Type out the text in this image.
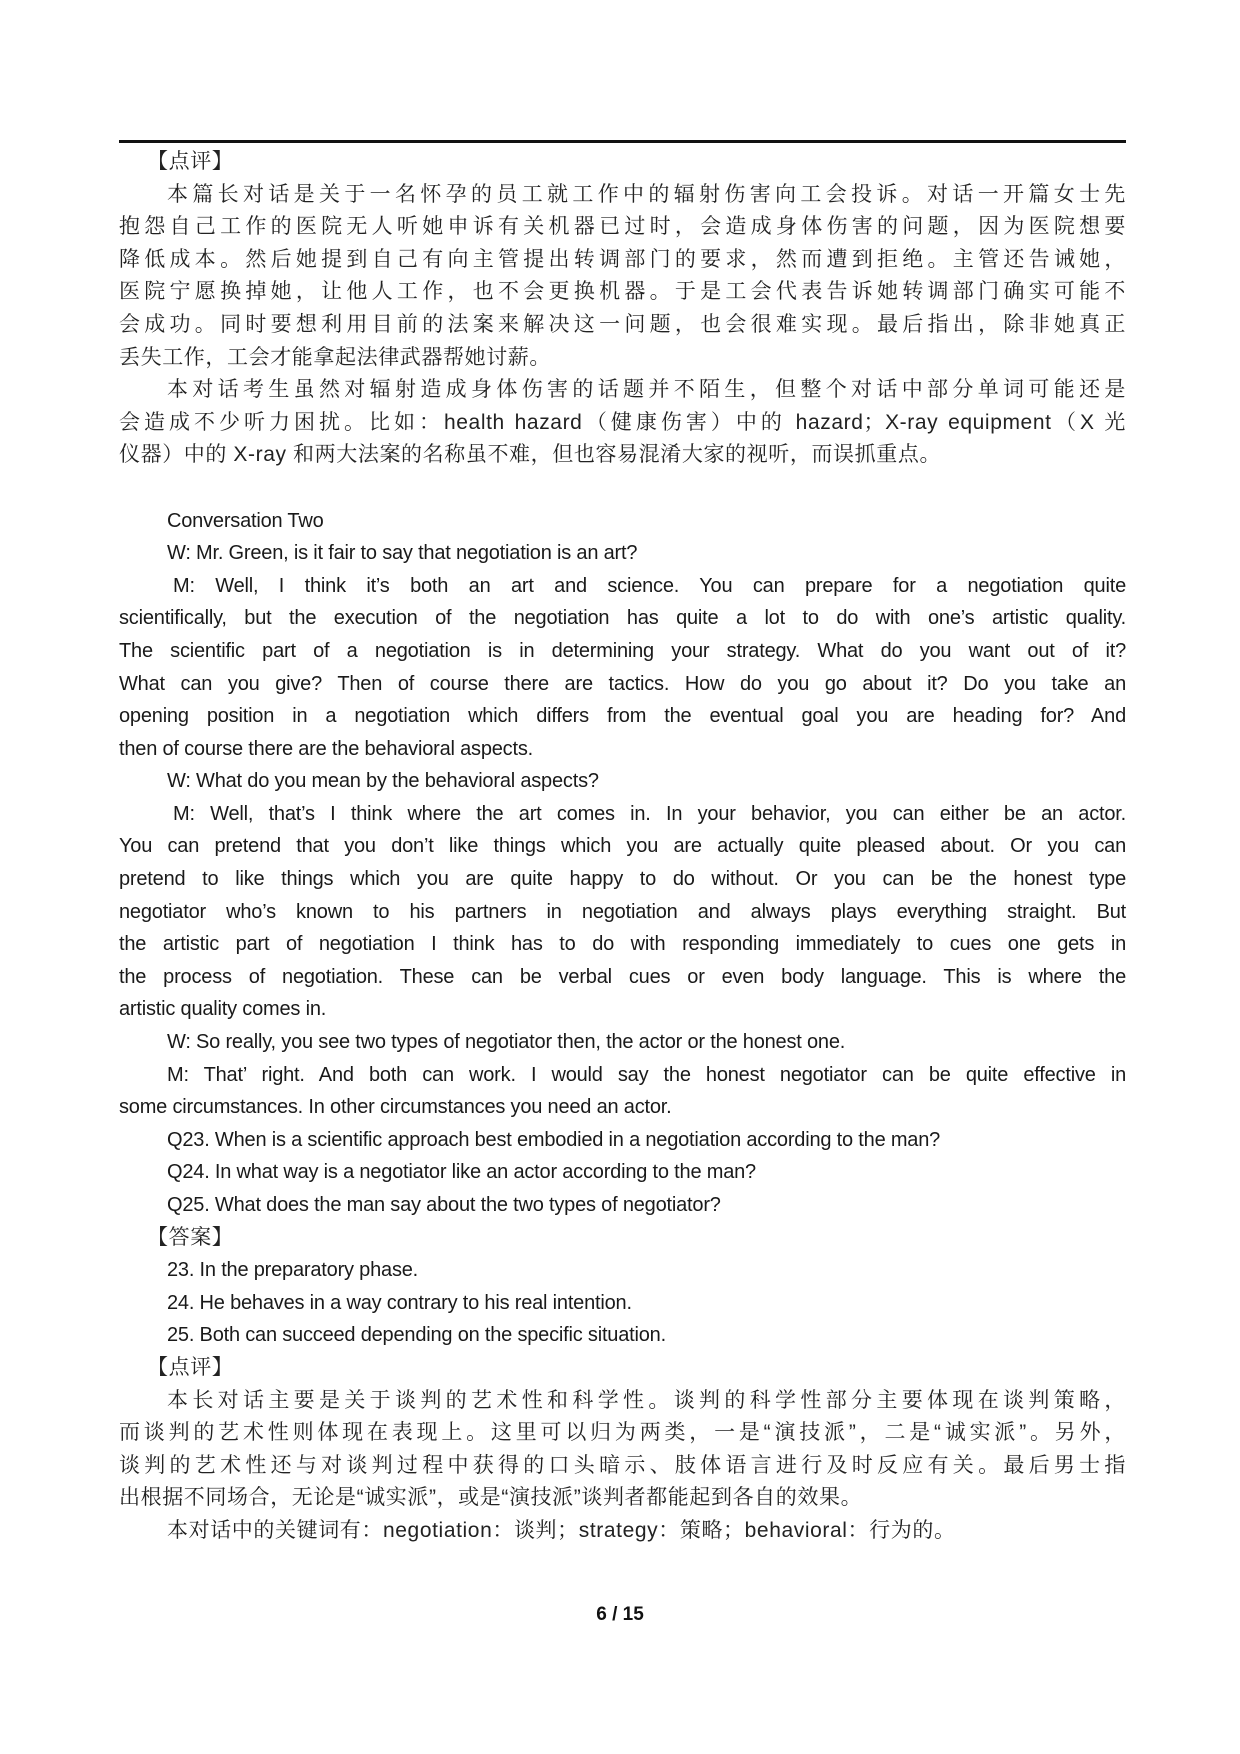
【点评】
本篇长对话是关于一名怀孕的员工就工作中的辐射伤害向工会投诉。对话一开篇女士先
抱怨自己工作的医院无人听她申诉有关机器已过时，会造成身体伤害的问题，因为医院想要
降低成本。然后她提到自己有向主管提出转调部门的要求，然而遭到拒绝。主管还告诫她，
医院宁愿换掉她，让他人工作，也不会更换机器。于是工会代表告诉她转调部门确实可能不
会成功。同时要想利用目前的法案来解决这一问题，也会很难实现。最后指出，除非她真正
丢失工作，工会才能拿起法律武器帮她讨薪。
本对话考生虽然对辐射造成身体伤害的话题并不陌生，但整个对话中部分单词可能还是
会造成不少听力困扰。比如：health hazard（健康伤害）中的 hazard；X-ray equipment（X 光
仪器）中的 X-ray 和两大法案的名称虽不难，但也容易混淆大家的视听，而误抓重点。
Conversation Two
W: Mr. Green, is it fair to say that negotiation is an art?
M: Well, I think it’s both an art and science. You can prepare for a negotiation quite
scientifically, but the execution of the negotiation has quite a lot to do with one’s artistic quality.
The scientific part of a negotiation is in determining your strategy. What do you want out of it?
What can you give? Then of course there are tactics. How do you go about it? Do you take an
opening position in a negotiation which differs from the eventual goal you are heading for? And
then of course there are the behavioral aspects.
W: What do you mean by the behavioral aspects?
M: Well, that’s I think where the art comes in. In your behavior, you can either be an actor.
You can pretend that you don’t like things which you are actually quite pleased about. Or you can
pretend to like things which you are quite happy to do without. Or you can be the honest type
negotiator who’s known to his partners in negotiation and always plays everything straight. But
the artistic part of negotiation I think has to do with responding immediately to cues one gets in
the process of negotiation. These can be verbal cues or even body language. This is where the
artistic quality comes in.
W: So really, you see two types of negotiator then, the actor or the honest one.
M: That’ right. And both can work. I would say the honest negotiator can be quite effective in
some circumstances. In other circumstances you need an actor.
Q23. When is a scientific approach best embodied in a negotiation according to the man?
Q24. In what way is a negotiator like an actor according to the man?
Q25. What does the man say about the two types of negotiator?
【答案】
23. In the preparatory phase.
24. He behaves in a way contrary to his real intention.
25. Both can succeed depending on the specific situation.
【点评】
本长对话主要是关于谈判的艺术性和科学性。谈判的科学性部分主要体现在谈判策略，
而谈判的艺术性则体现在表现上。这里可以归为两类，一是“演技派”，二是“诚实派”。另外，
谈判的艺术性还与对谈判过程中获得的口头暗示、肢体语言进行及时反应有关。最后男士指
出根据不同场合，无论是“诚实派”，或是“演技派”谈判者都能起到各自的效果。
本对话中的关键词有：negotiation：谈判；strategy：策略；behavioral：行为的。
6 / 15
